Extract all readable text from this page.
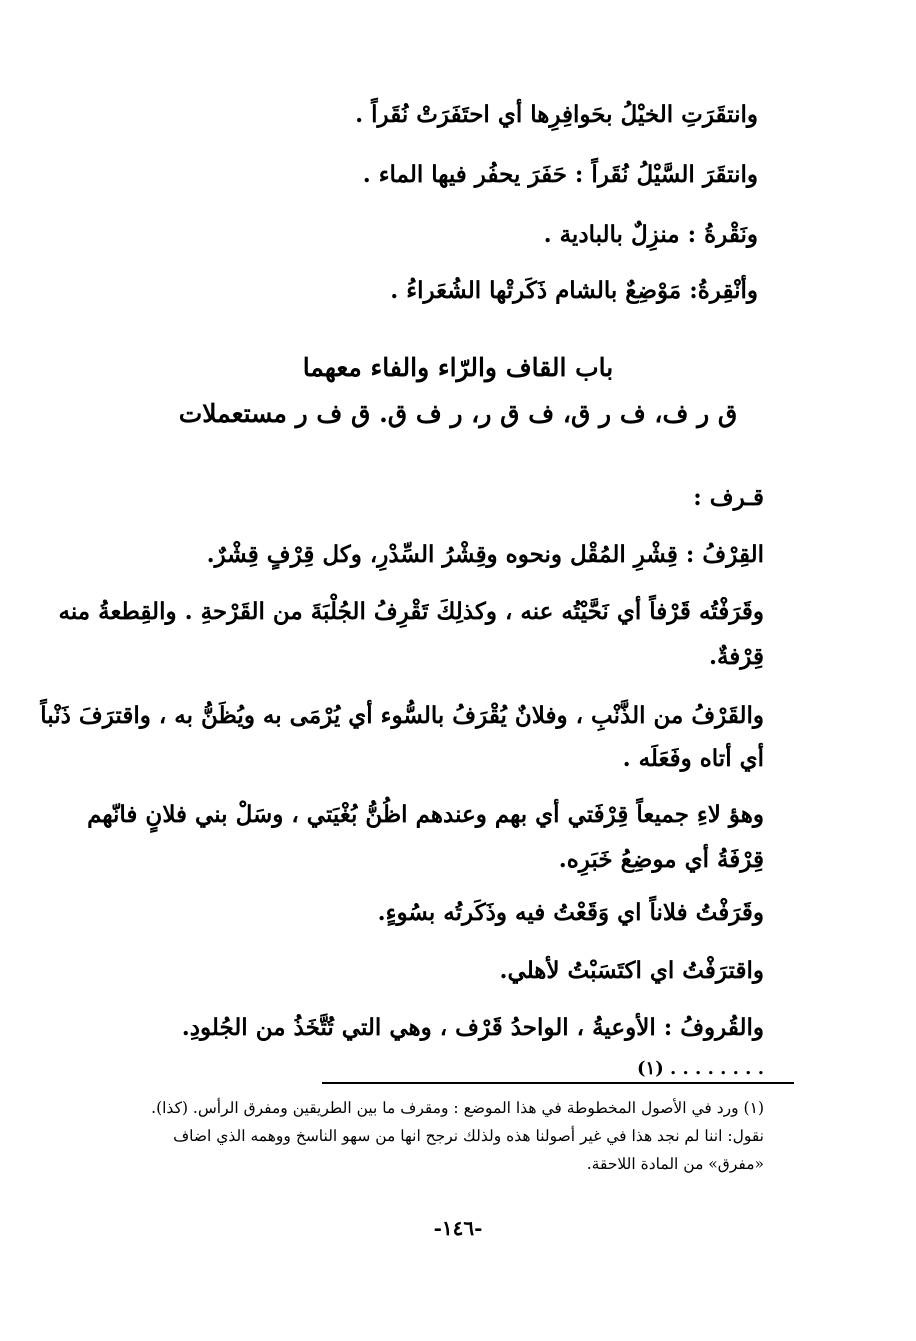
وانتقَرَتِ الخيْلُ بحَوافِرِها أي احتَفَرَتْ نُقَراً .
وانتقَرَ السَّيْلُ نُقَراً : حَفَرَ يحفُر فيها الماء .
ونَقْرةُ : منزِلٌ بالبادية .
وأنْقِرةُ: مَوْضِعٌ بالشام ذَكَرتْها الشُعَراءُ .
باب القاف والرّاء والفاء معهما
ق ر ف، ف ر ق، ف ق ر، ر ف ق. ق ف ر مستعملات
قـرف :
القِرْفُ : قِشْرِ المُقْل ونحوه وقِشْرُ السِّدْرِ، وكل قِرْفٍ قِشْرٌ.
وقَرَفْتُه قَرْفاً أي نَحَّيْتُه عنه ، وكذلِكَ تَقْرِفُ الجُلْبَةَ من القَرْحةِ . والقِطعةُ منه
قِرْفةٌ.
والقَرْفُ من الذَّنْبِ ، وفلانٌ يُقْرَفُ بالسُّوء أي يُرْمَى به ويُظَنُّ به ، واقترَفَ ذَنْباً
أي أتاه وفَعَلَه .
وهؤ لاءِ جميعاً قِرْفَتي أي بهم وعندهم اظُنُّ بُغْيَتي ، وسَلْ بني فلانٍ فانّهم
قِرْفَةُ أي موضِعُ خَبَرِه.
وقَرَفْتُ فلاناً اي وَقَعْتُ فيه وذَكَرتُه بسُوءٍ.
واقترَفْتُ اي اكتَسَبْتُ لأهلي.
والقُروفُ : الأوعيةُ ، الواحدُ قَرْف ، وهي التي تُتَّخَذُ من الجُلودِ.
. . . . . . . . (١)
(١) ورد في الأصول المخطوطة في هذا الموضع : ومقرف ما بين الطريقين ومفرق الرأس. (كذا).
نقول: اننا لم نجد هذا في غير أصولنا هذه ولذلك نرجح انها من سهو الناسخ ووهمه الذي اضاف
«مفرق» من المادة اللاحقة.
-١٤٦-
